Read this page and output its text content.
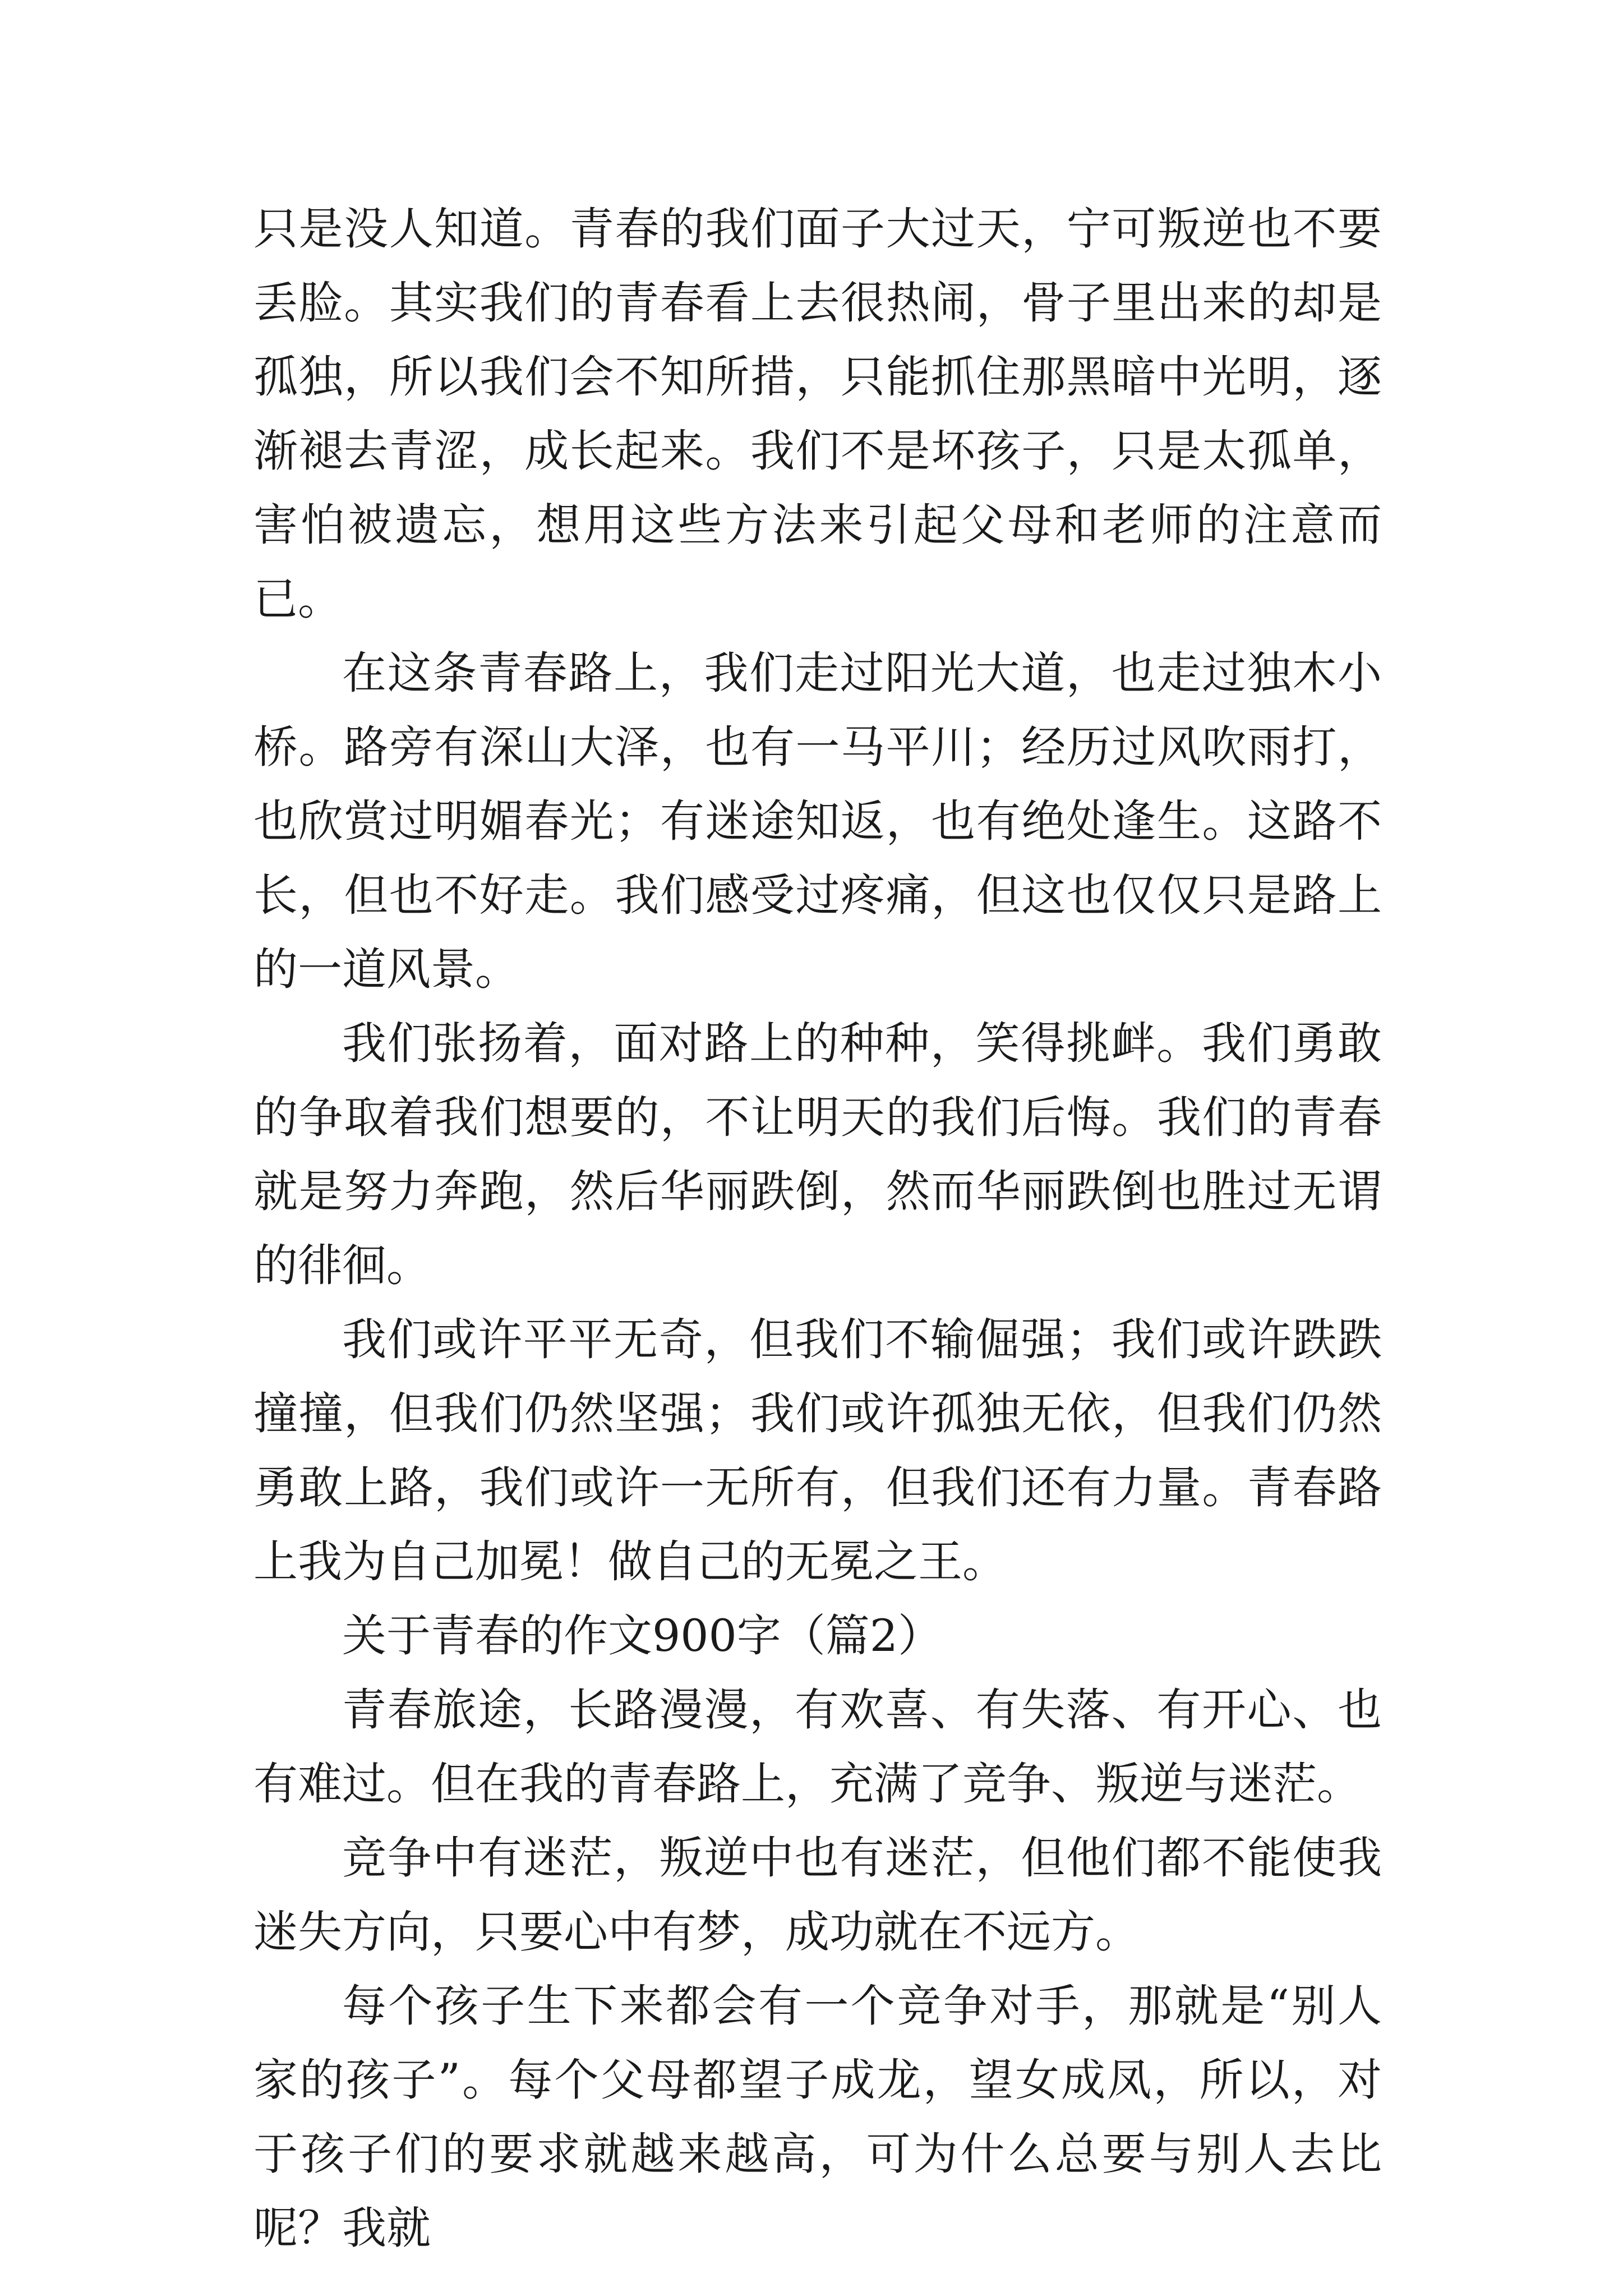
只是没人知道。青春的我们面子大过天，宁可叛逆也不要丢脸。其实我们的青春看上去很热闹，骨子里出来的却是孤独，所以我们会不知所措，只能抓住那黑暗中光明，逐渐褪去青涩，成长起来。我们不是坏孩子，只是太孤单，害怕被遗忘，想用这些方法来引起父母和老师的注意而已。

在这条青春路上，我们走过阳光大道，也走过独木小桥。路旁有深山大泽，也有一马平川；经历过风吹雨打，也欣赏过明媚春光；有迷途知返，也有绝处逢生。这路不长，但也不好走。我们感受过疼痛，但这也仅仅只是路上的一道风景。

我们张扬着，面对路上的种种，笑得挑衅。我们勇敢的争取着我们想要的，不让明天的我们后悔。我们的青春就是努力奔跑，然后华丽跌倒，然而华丽跌倒也胜过无谓的徘徊。

我们或许平平无奇，但我们不输倔强；我们或许跌跌撞撞，但我们仍然坚强；我们或许孤独无依，但我们仍然勇敢上路，我们或许一无所有，但我们还有力量。青春路上我为自己加冕！做自己的无冕之王。

关于青春的作文900字（篇2）

青春旅途，长路漫漫，有欢喜、有失落、有开心、也有难过。但在我的青春路上，充满了竞争、叛逆与迷茫。

竞争中有迷茫，叛逆中也有迷茫，但他们都不能使我迷失方向，只要心中有梦，成功就在不远方。

每个孩子生下来都会有一个竞争对手，那就是“别人家的孩子”。每个父母都望子成龙，望女成凤，所以，对于孩子们的要求就越来越高，可为什么总要与别人去比呢？我就
